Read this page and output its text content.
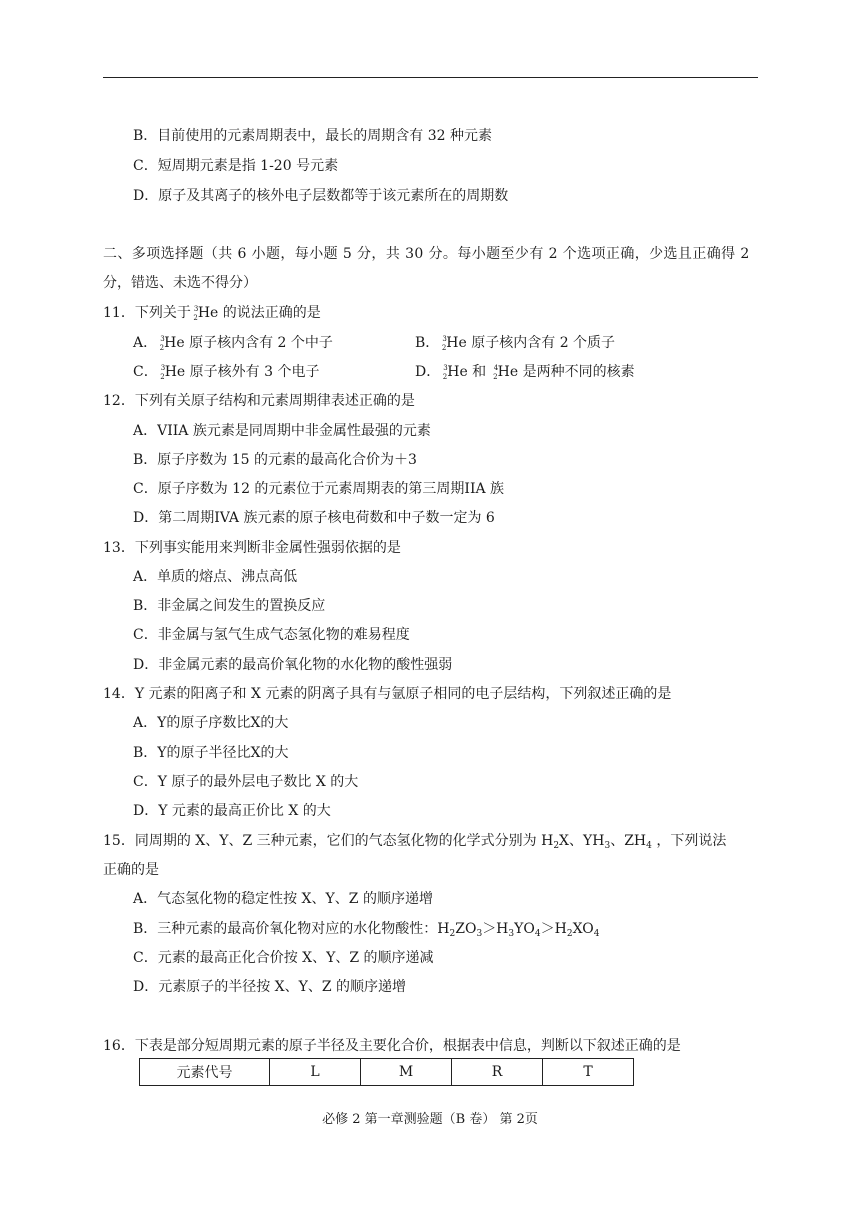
B．目前使用的元素周期表中，最长的周期含有 32 种元素
C．短周期元素是指 1-20 号元素
D．原子及其离子的核外电子层数都等于该元素所在的周期数
二、多项选择题（共 6 小题，每小题 5 分，共 30 分。每小题至少有 2 个选项正确，少选且正确得 2
分，错选、未选不得分）
11．下列关于 $^3_2$He 的说法正确的是
A． $^3_2$He 原子核内含有 2 个中子	B． $^3_2$He 原子核内含有 2 个质子
C． $^3_2$He 原子核外有 3 个电子	D． $^3_2$He 和 $^4_2$He 是两种不同的核素
12．下列有关原子结构和元素周期律表述正确的是
A．VIIA 族元素是同周期中非金属性最强的元素
B．原子序数为 15 的元素的最高化合价为＋3
C．原子序数为 12 的元素位于元素周期表的第三周期IIA 族
D．第二周期IVA 族元素的原子核电荷数和中子数一定为 6
13．下列事实能用来判断非金属性强弱依据的是
A．单质的熔点、沸点高低
B．非金属之间发生的置换反应
C．非金属与氢气生成气态氢化物的难易程度
D．非金属元素的最高价氧化物的水化物的酸性强弱
14．Y 元素的阳离子和 X 元素的阴离子具有与氩原子相同的电子层结构，下列叙述正确的是
A．Y的原子序数比X的大
B．Y的原子半径比X的大
C．Y 原子的最外层电子数比 X 的大
D．Y 元素的最高正价比 X 的大
15．同周期的 X、Y、Z 三种元素，它们的气态氢化物的化学式分别为 $H_2X$、$YH_3$、$ZH_4$ ，下列说法
正确的是
A．气态氢化物的稳定性按 X、Y、Z 的顺序递增
B．三种元素的最高价氧化物对应的水化物酸性：$H_2ZO_3>H_3YO_4>H_2XO_4$
C．元素的最高正化合价按 X、Y、Z 的顺序递减
D．元素原子的半径按 X、Y、Z 的顺序递增
16．下表是部分短周期元素的原子半径及主要化合价，根据表中信息，判断以下叙述正确的是
元素代号	L	M	R	T
必修 2 第一章测验题（B 卷） 第 2页
